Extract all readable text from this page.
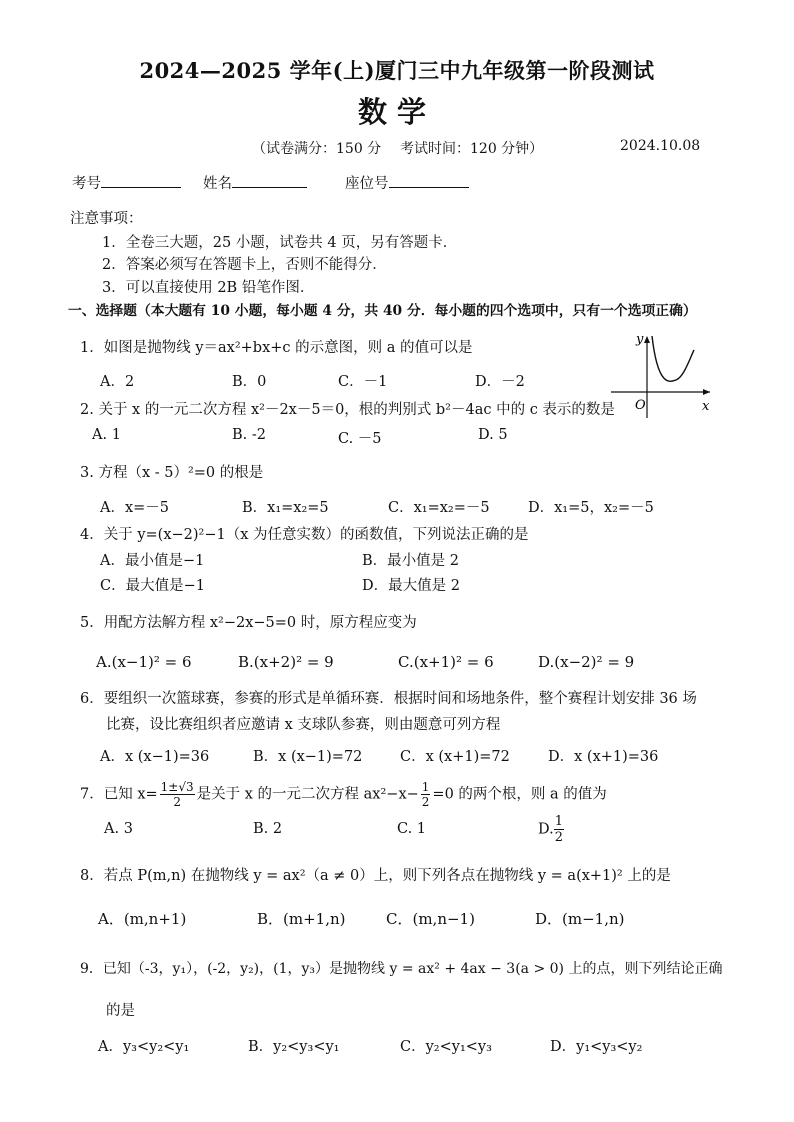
2024—2025 学年(上)厦门三中九年级第一阶段测试
数学
（试卷满分：150 分 考试时间：120 分钟）	2024.10.08
考号	姓名	座位号
注意事项：
1．全卷三大题，25 小题，试卷共 4 页，另有答题卡．
2．答案必须写在答题卡上，否则不能得分．
3．可以直接使用 2B 铅笔作图．
一、选择题（本大题有 10 小题，每小题 4 分，共 40 分．每小题的四个选项中，只有一个选项正确）
1．如图是抛物线 y＝ax²+bx+c 的示意图，则 a 的值可以是
A．2	B．0	C．－1	D．－2
y
x
O
2. 关于 x 的一元二次方程 x²－2x－5＝0，根的判别式 b²－4ac 中的 c 表示的数是
A. 1	B. -2	C. －5	D. 5
3. 方程（x - 5）²=0 的根是
A．x=－5	B．x₁=x₂=5	C．x₁=x₂=－5	D．x₁=5，x₂=－5
4．关于 y=(x−2)²−1（x 为任意实数）的函数值，下列说法正确的是
A．最小值是−1	B．最小值是 2
C．最大值是−1	D．最大值是 2
5．用配方法解方程 x²−2x−5=0 时，原方程应变为
A.(x−1)² = 6	B.(x+2)² = 9	C.(x+1)² = 6	D.(x−2)² = 9
6．要组织一次篮球赛，参赛的形式是单循环赛．根据时间和场地条件，整个赛程计划安排 36 场
比赛，设比赛组织者应邀请 x 支球队参赛，则由题意可列方程
A．x (x−1)=36	B．x (x−1)=72	C．x (x+1)=72	D．x (x+1)=36
7．已知 $x= \frac{1\pm√3}{2}$ 是关于 x 的一元二次方程 $ax^2-x- \frac{1}{2} =0$ 的两个根，则 a 的值为
A. 3	B. 2	C. 1	D. $\frac{1}{2}$
8．若点 P(m,n) 在抛物线 y = ax²（a ≠ 0）上，则下列各点在抛物线 y = a(x+1)² 上的是
A．(m,n+1)	B．(m+1,n)	C．(m,n−1)	D．(m−1,n)
9．已知（-3，y₁），(-2，y₂)，(1，y₃）是抛物线 y = ax² + 4ax − 3(a > 0) 上的点，则下列结论正确
的是
A．y₃<y₂<y₁	B．y₂<y₃<y₁	C．y₂<y₁<y₃	D．y₁<y₃<y₂
